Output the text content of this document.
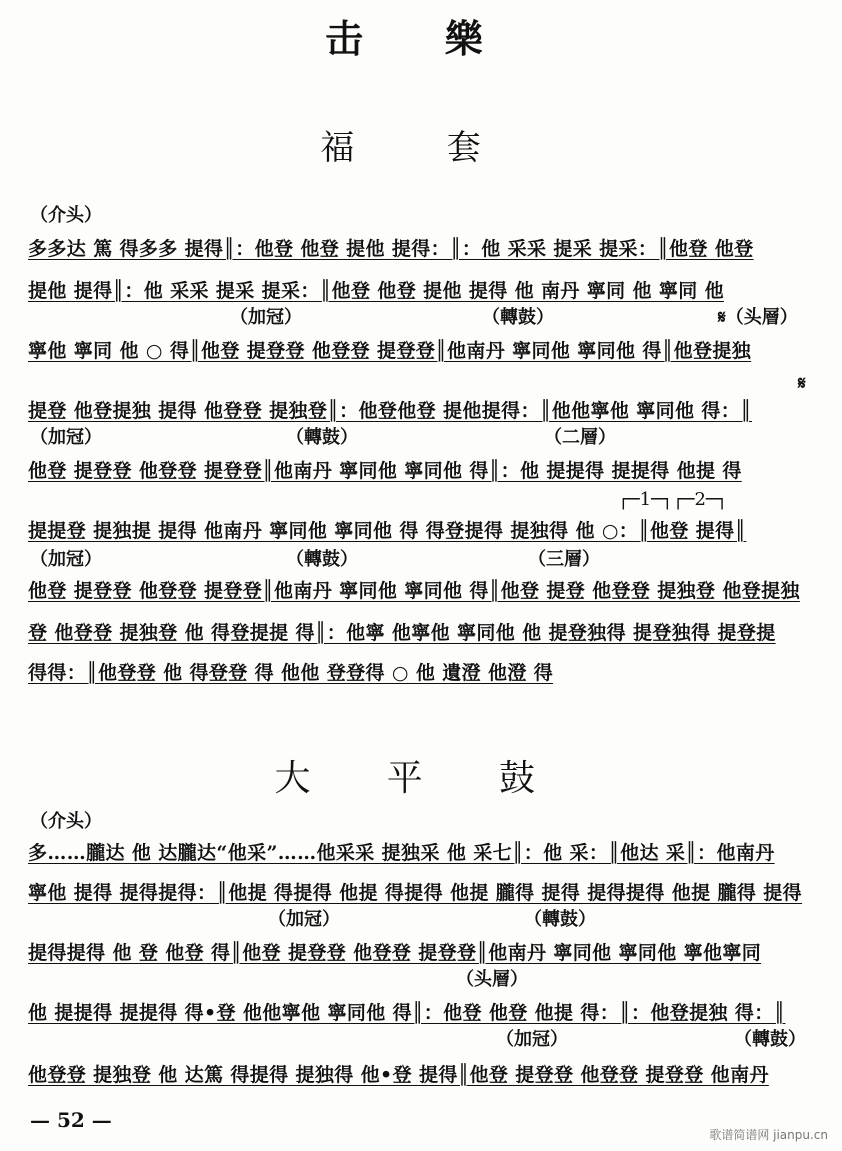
击 樂
福 套
（介头）
多多达 篤 得多多 提得║：他登 他登 提他 提得：║：他 采采 提采 提采：║他登 他登
提他 提得║：他 采采 提采 提采：║他登 他登 提他 提得 他 南丹 寧同 他 寧同 他
（加冠）	（轉鼓）	𝄋（头層）
寧他 寧同 他 ○ 得║他登 提登登 他登登 提登登║他南丹 寧同他 寧同他 得║他登提独
𝄋
提登 他登提独 提得 他登登 提独登║：他登他登 提他提得：║他他寧他 寧同他 得：║
（加冠）	（轉鼓）	（二層）
他登 提登登 他登登 提登登║他南丹 寧同他 寧同他 得║：他 提提得 提提得 他提 得
┌─1─┐┌─2─┐
提提登 提独提 提得 他南丹 寧同他 寧同他 得 得登提得 提独得 他 ○：║他登 提得║
（加冠）	（轉鼓）	（三層）
他登 提登登 他登登 提登登║他南丹 寧同他 寧同他 得║他登 提登 他登登 提独登 他登提独
登 他登登 提独登 他 得登提提 得║：他寧 他寧他 寧同他 他 提登独得 提登独得 提登提
得得：║他登登 他 得登登 得 他他 登登得 ○ 他 遺澄 他澄 得
大 平 鼓
（介头）
多……朧达 他 达朧达“他采”……他采采 提独采 他 采七║：他 采：║他达 采║：他南丹
寧他 提得 提得提得：║他提 得提得 他提 得提得 他提 朧得 提得 提得提得 他提 朧得 提得
（加冠）	（轉鼓）
提得提得 他 登 他登 得║他登 提登登 他登登 提登登║他南丹 寧同他 寧同他 寧他寧同
（头層）
他 提提得 提提得 得•登 他他寧他 寧同他 得║：他登 他登 他提 得：║：他登提独 得：║
（加冠）	（轉鼓）
他登登 提独登 他 达篤 得提得 提独得 他•登 提得║他登 提登登 他登登 提登登 他南丹
— 52 —
歌谱简谱网 jianpu.cn
